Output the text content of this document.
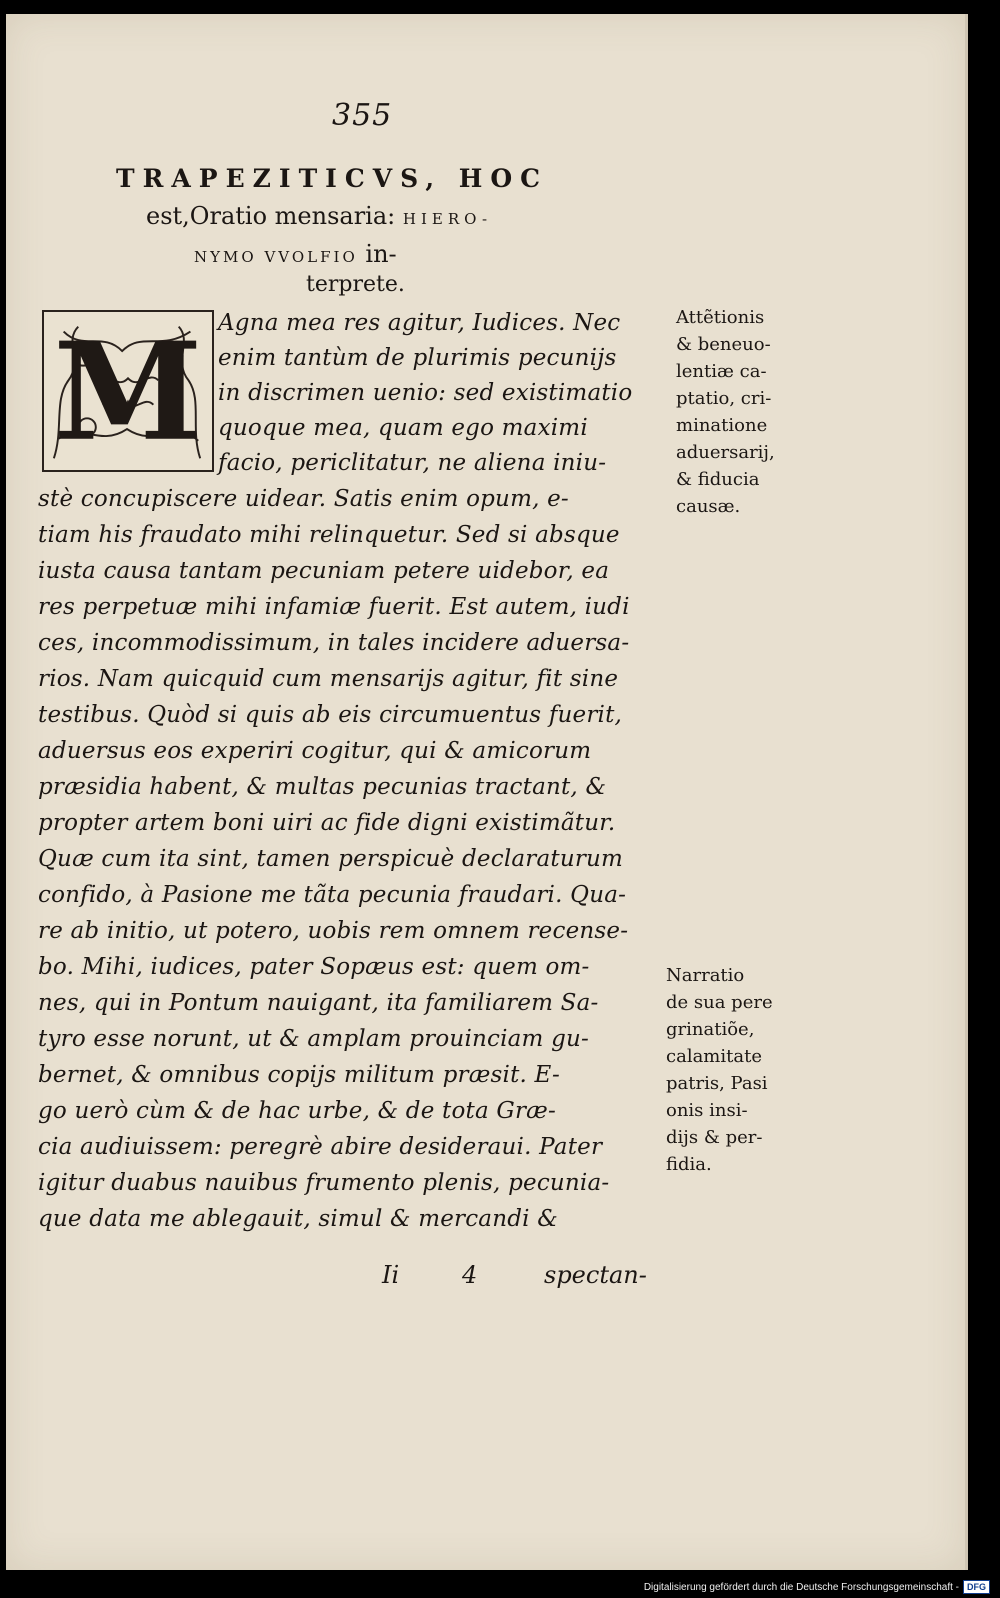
355
TRAPEZITICVS, HOC
est,Oratio mensaria: HIERO-
NYMO VVOLFIO in-
terprete.
M Agna mea res agitur, Iudices. Nec
enim tantùm de plurimis pecunijs
in discrimen uenio: sed existimatio
quoque mea, quam ego maximi
facio, periclitatur, ne aliena iniu-
stè concupiscere uidear. Satis enim opum, e-
tiam his fraudato mihi relinquetur. Sed si absque
iusta causa tantam pecuniam petere uidebor, ea
res perpetuæ mihi infamiæ fuerit. Est autem, iudi
ces, incommodissimum, in tales incidere aduersa-
rios. Nam quicquid cum mensarijs agitur, fit sine
testibus. Quòd si quis ab eis circumuentus fuerit,
aduersus eos experiri cogitur, qui & amicorum
præsidia habent, & multas pecunias tractant, &
propter artem boni uiri ac fide digni existimãtur.
Quæ cum ita sint, tamen perspicuè declaraturum
confido, à Pasione me tãta pecunia fraudari. Qua-
re ab initio, ut potero, uobis rem omnem recense-
bo. Mihi, iudices, pater Sopæus est: quem om-
nes, qui in Pontum nauigant, ita familiarem Sa-
tyro esse norunt, ut & amplam prouinciam gu-
bernet, & omnibus copijs militum præsit. E-
go uerò cùm & de hac urbe, & de tota Græ-
cia audiuissem: peregrè abire desideraui. Pater
igitur duabus nauibus frumento plenis, pecunia-
que data me ablegauit, simul & mercandi &
Attẽtionis
& beneuo-
lentiæ ca-
ptatio, cri-
minatione
aduersarij,
& fiducia
causæ.
Narratio
de sua pere
grinatiõe,
calamitate
patris, Pasi
onis insi-
dijs & per-
fidia.
Ii	4	spectan-
Digitalisierung gefördert durch die Deutsche Forschungsgemeinschaft - DFG
